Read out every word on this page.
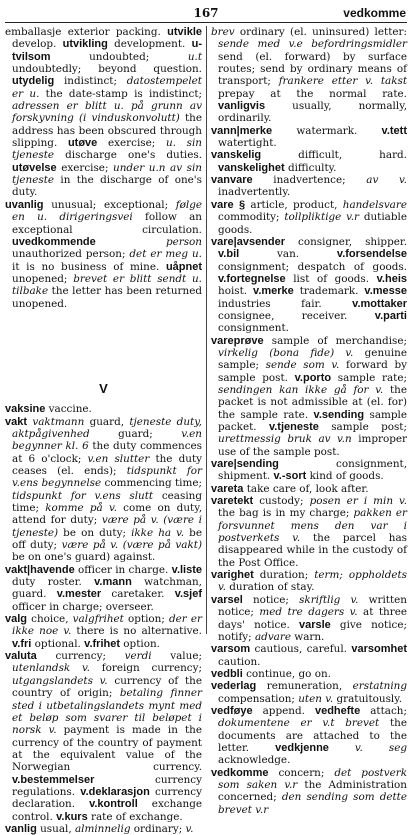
167	vedkomme

emballasje exterior packing. utvikle develop. utvikling development. u-tvilsom undoubted; u.t undoubtedly; beyond question. utydelig indistinct; datostempelet er u. the date-stamp is indistinct; adressen er blitt u. på grunn av forskyvning (i vinduskonvolutt) the address has been obscured through slipping. utøve exercise; u. sin tjeneste discharge one's duties. utøvelse exercise; under u.n av sin tjeneste in the discharge of one's duty.

uvanlig unusual; exceptional; følge en u. dirigeringsvei follow an exceptional circulation. uvedkommende person unauthorized person; det er meg u. it is no business of mine. uåpnet unopened; brevet er blitt sendt u. tilbake the letter has been returned unopened.

V

vaksine vaccine.

vakt vaktmann guard, tjeneste duty, aktpågivenhed guard; v.en begynner kl. 6 the duty commences at 6 o'clock; v.en slutter the duty ceases (el. ends); tidspunkt for v.ens begynnelse commencing time; tidspunkt for v.ens slutt ceasing time; komme på v. come on duty, attend for duty; være på v. (være i tjeneste) be on duty; ikke ha v. be off duty; være på v. (være på vakt) be on one's guard) against.

vakt|havende officer in charge. v.liste duty roster. v.mann watchman, guard. v.mester caretaker. v.sjef officer in charge; overseer.

valg choice, valgfrihet option; der er ikke noe v. there is no alternative. v.fri optional. v.frihet option.

valuta currency; verdi value; utenlandsk v. foreign currency; utgangslandets v. currency of the country of origin; betaling finner sted i utbetalingslandets mynt med et beløp som svarer til beløpet i norsk v. payment is made in the currency of the country of payment at the equivalent value of the Norwegian currency. v.bestemmelser currency regulations. v.deklarasjon currency declaration. v.kontroll exchange control. v.kurs rate of exchange.

vanlig usual, alminnelig ordinary; v.

brev ordinary (el. uninsured) letter: sende med v.e befordringsmidler send (el. forward) by surface routes; send by ordinary means of transport; frankere etter v. takst prepay at the normal rate. vanligvis usually, normally, ordinarily.

vann|merke watermark. v.tett watertight.

vanskelig difficult, hard. vanskelighet difficulty.

vanvare inadvertence; av v. inadvertently.

vare § article, product, handelsvare commodity; tollpliktige v.r dutiable goods.

vare|avsender consigner, shipper. v.bil van. v.forsendelse consignment; despatch of goods. v.fortegnelse list of goods. v.heis hoist. v.merke trademark. v.messe industries fair. v.mottaker consignee, receiver. v.parti consignment.

vareprøve sample of merchandise; virkelig (bona fide) v. genuine sample; sende som v. forward by sample post. v.porto sample rate; sendingen kan ikke gå for v. the packet is not admissible at (el. for) the sample rate. v.sending sample packet. v.tjeneste sample post; urettmessig bruk av v.n improper use of the sample post.

vare|sending consignment, shipment. v.-sort kind of goods.

vareta take care of, look after.

varetekt custody; posen er i min v. the bag is in my charge; pakken er forsvunnet mens den var i postverkets v. the parcel has disappeared while in the custody of the Post Office.

varighet duration; term; oppholdets v. duration of stay.

varsel notice; skriftlig v. written notice; med tre dagers v. at three days' notice. varsle give notice; notify; advare warn.

varsom cautious, careful. varsomhet caution.

vedbli continue, go on.

vederlag remuneration, erstatning compensation; uten v. gratuitously.

vedføye append. vedhefte attach; dokumentene er v.t brevet the documents are attached to the letter. vedkjenne v. seg acknowledge.

vedkomme concern; det postverk som saken v.r the Administration concerned; den sending som dette brevet v.r
